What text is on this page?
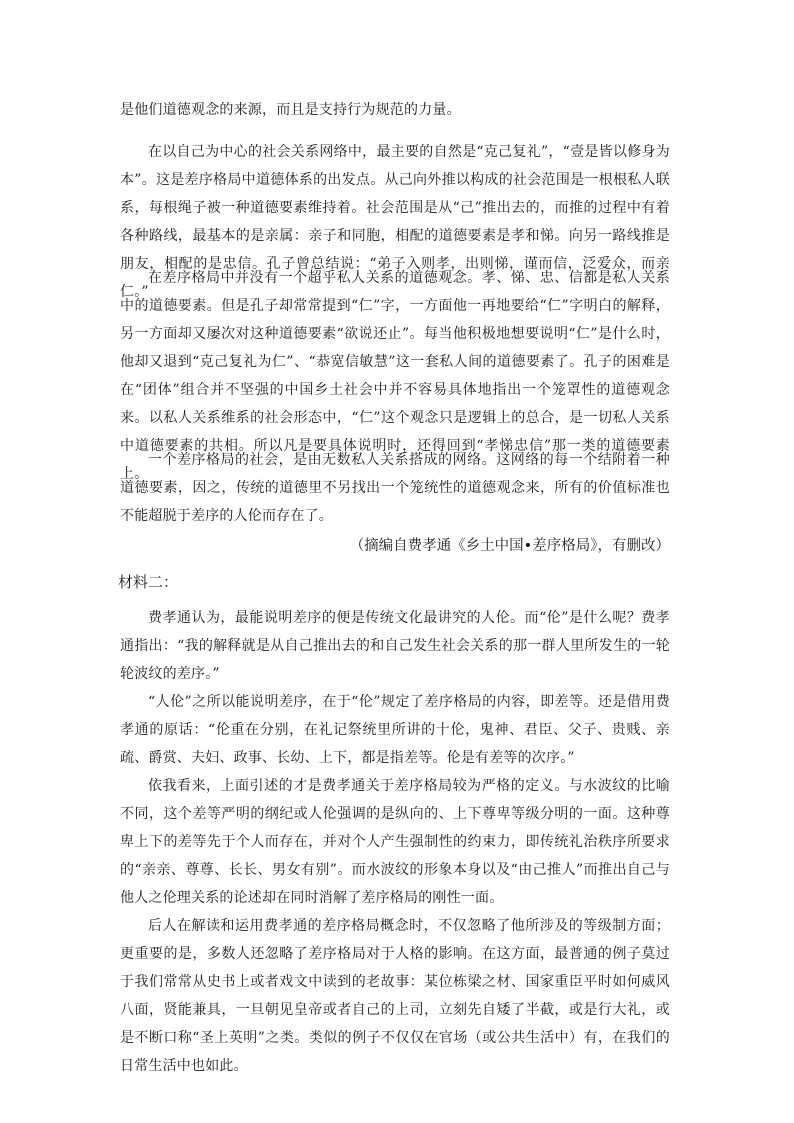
是他们道德观念的来源，而且是支持行为规范的力量。

在以自己为中心的社会关系网络中，最主要的自然是“克己复礼”，“壹是皆以修身为本”。这是差序格局中道德体系的出发点。从己向外推以构成的社会范围是一根根私人联系，每根绳子被一种道德要素维持着。社会范围是从“己”推出去的，而推的过程中有着各种路线，最基本的是亲属：亲子和同胞，相配的道德要素是孝和悌。向另一路线推是朋友，相配的是忠信。孔子曾总结说：“弟子入则孝，出则悌，谨而信，泛爱众，而亲仁。”

在差序格局中并没有一个超乎私人关系的道德观念。孝、悌、忠、信都是私人关系中的道德要素。但是孔子却常常提到“仁”字，一方面他一再地要给“仁”字明白的解释，另一方面却又屡次对这种道德要素“欲说还止”。每当他积极地想要说明“仁”是什么时，他却又退到“克己复礼为仁”、“恭宽信敏慧”这一套私人间的道德要素了。孔子的困难是在“团体”组合并不坚强的中国乡土社会中并不容易具体地指出一个笼罩性的道德观念来。以私人关系维系的社会形态中，“仁”这个观念只是逻辑上的总合，是一切私人关系中道德要素的共相。所以凡是要具体说明时，还得回到“孝悌忠信”那一类的道德要素上。

一个差序格局的社会，是由无数私人关系搭成的网络。这网络的每一个结附着一种道德要素，因之，传统的道德里不另找出一个笼统性的道德观念来，所有的价值标准也不能超脱于差序的人伦而存在了。

（摘编自费孝通《乡土中国•差序格局》，有删改）

材料二：

费孝通认为，最能说明差序的便是传统文化最讲究的人伦。而“伦”是什么呢？费孝通指出：“我的解释就是从自己推出去的和自己发生社会关系的那一群人里所发生的一轮轮波纹的差序。”

“人伦”之所以能说明差序，在于“伦”规定了差序格局的内容，即差等。还是借用费孝通的原话：“伦重在分别，在礼记祭统里所讲的十伦，鬼神、君臣、父子、贵贱、亲疏、爵赏、夫妇、政事、长幼、上下，都是指差等。伦是有差等的次序。”

依我看来，上面引述的才是费孝通关于差序格局较为严格的定义。与水波纹的比喻不同，这个差等严明的纲纪或人伦强调的是纵向的、上下尊卑等级分明的一面。这种尊卑上下的差等先于个人而存在，并对个人产生强制性的约束力，即传统礼治秩序所要求的“亲亲、尊尊、长长、男女有别”。而水波纹的形象本身以及“由己推人”而推出自己与他人之伦理关系的论述却在同时消解了差序格局的刚性一面。

后人在解读和运用费孝通的差序格局概念时，不仅忽略了他所涉及的等级制方面；更重要的是，多数人还忽略了差序格局对于人格的影响。在这方面，最普通的例子莫过于我们常常从史书上或者戏文中读到的老故事：某位栋梁之材、国家重臣平时如何威风八面，贤能兼具，一旦朝见皇帝或者自己的上司，立刻先自矮了半截，或是行大礼，或是不断口称“圣上英明”之类。类似的例子不仅仅在官场（或公共生活中）有，在我们的日常生活中也如此。
